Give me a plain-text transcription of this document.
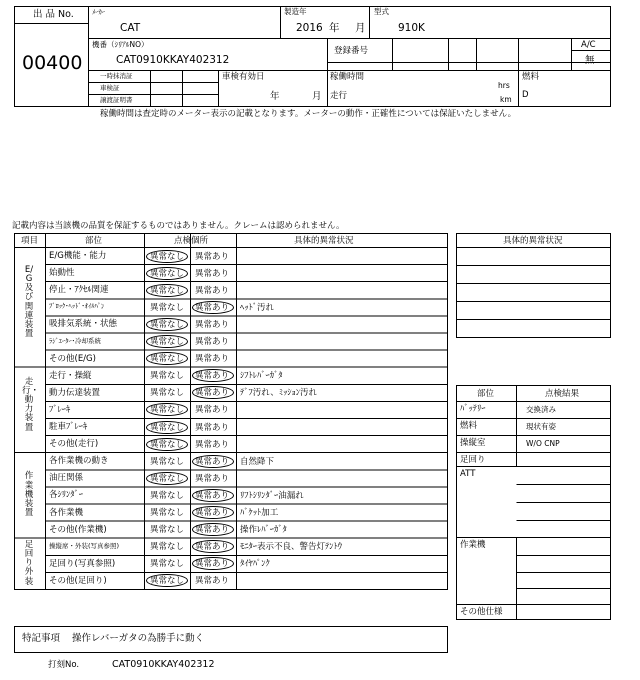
出 品 No.
00400
ﾒｰｶｰ
CAT
製造年
2016 年 月
型式
910K
機番（ｼﾘｱﾙNO）
CAT0910KKAY402312
登録番号
A/C
無
一時抹消証
車検証
譲渡証明書
車検有効日
年	月
稼働時間
hrs
走行	km
燃料
D
稼働時間は査定時のメーター表示の記載となります。メーターの動作・正確性については保証いたしません。
記載内容は当該機の品質を保証するものではありません。クレームは認められません。
項目	部位	点検個所	具体的異常状況
E/G機能・能力	異常なし 異常あり
始動性	異常なし 異常あり
停止・ｱｸｾﾙ関連	異常なし 異常あり
ﾌﾞﾛｯｸ･ﾍｯﾄﾞ･ｵｲﾙﾊﾟﾝ	異常なし 異常あり ﾍｯﾄﾞ汚れ
吸排気系統・状態	異常なし 異常あり
ﾗｼﾞｴｰﾀｰ･冷却系統	異常なし 異常あり
その他(E/G)	異常なし 異常あり
E/G及び関連装置
走行・操縦	異常なし 異常あり ｼﾌﾄﾚﾊﾞｰｶﾞﾀ
動力伝達装置	異常なし 異常あり ﾃﾞﾌ汚れ、ﾐｯｼｮﾝ汚れ
ﾌﾞﾚｰｷ	異常なし 異常あり
駐車ﾌﾞﾚｰｷ	異常なし 異常あり
その他(走行)	異常なし 異常あり
走行・動力装置
各作業機の動き	異常なし 異常あり 自然降下
油圧関係	異常なし 異常あり
各ｼﾘﾝﾀﾞｰ	異常なし 異常あり ﾘﾌﾄｼﾘﾝﾀﾞｰ油漏れ
各作業機	異常なし 異常あり ﾊﾞｹｯﾄ加工
その他(作業機)	異常なし 異常あり 操作ﾚﾊﾞｰｶﾞﾀ
作業機装置
操縦席・外装(写真参照)	異常なし 異常あり ﾓﾆﾀｰ表示不良、警告灯ﾃﾝﾄｳ
足回り(写真参照)	異常なし 異常あり ﾀｲﾔﾊﾟﾝｸ
その他(足回り)	異常なし 異常あり
足回り外装
具体的異常状況
部位	点検結果
ﾊﾞｯﾃﾘｰ	交換済み
燃料	現状有姿
操縦室	W/O CNP
足回り
ATT
作業機
その他仕様
特記事項 操作レバーガタの為勝手に動く
打刻No.	CAT0910KKAY402312
